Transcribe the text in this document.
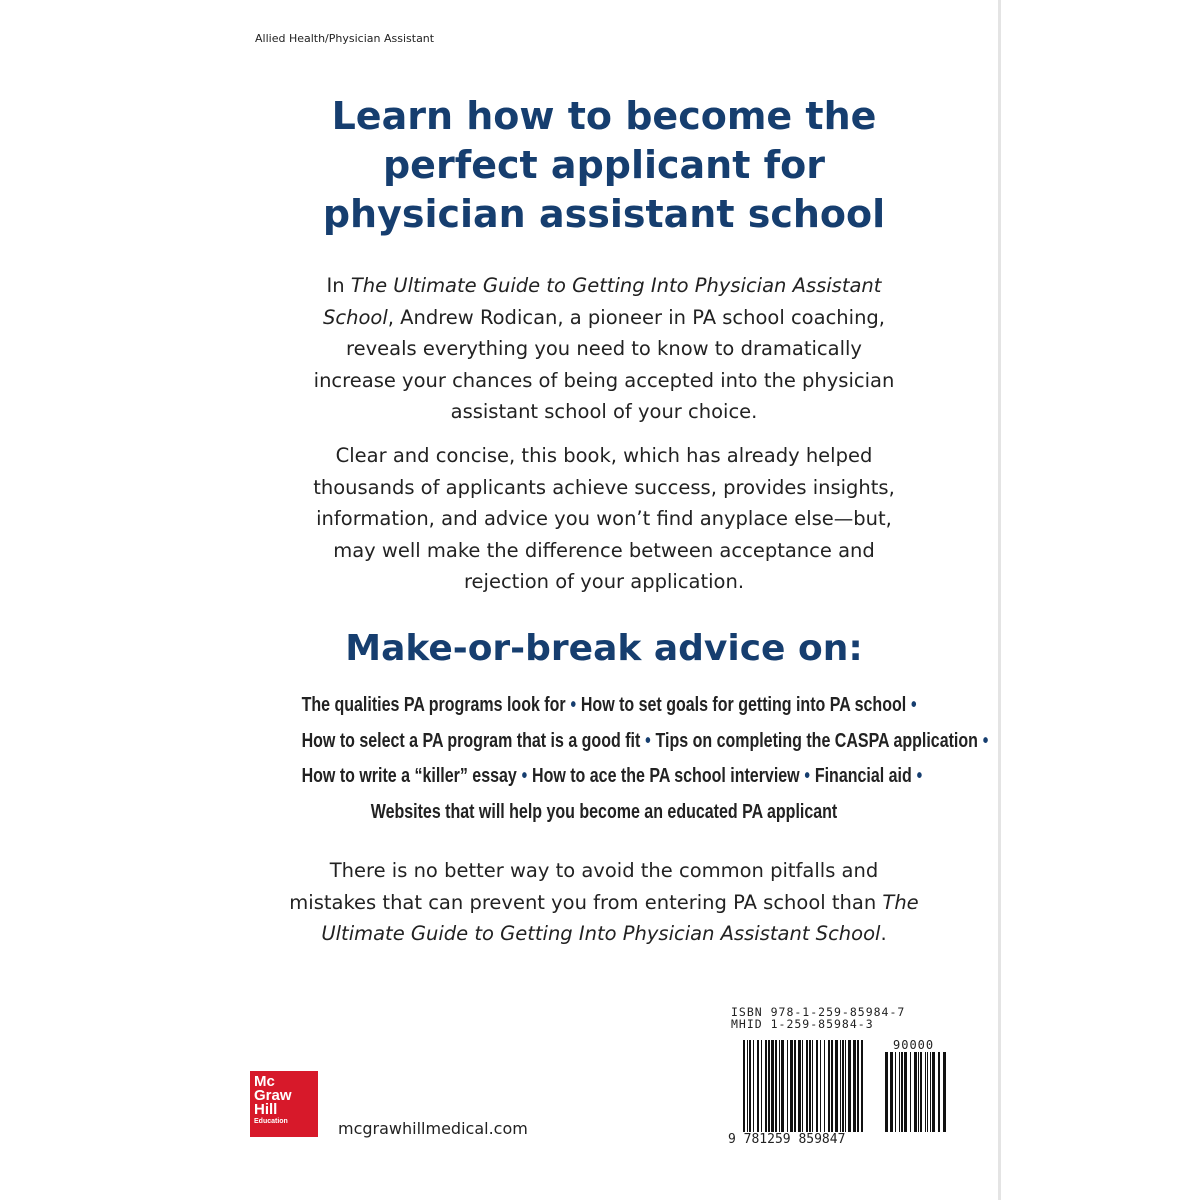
Allied Health/Physician Assistant
Learn how to become the
perfect applicant for
physician assistant school
In The Ultimate Guide to Getting Into Physician Assistant School, Andrew Rodican, a pioneer in PA school coaching, reveals everything you need to know to dramatically increase your chances of being accepted into the physician assistant school of your choice.
Clear and concise, this book, which has already helped thousands of applicants achieve success, provides insights, information, and advice you won’t find anyplace else—but, may well make the difference between acceptance and rejection of your application.
Make-or-break advice on:
The qualities PA programs look for • How to set goals for getting into PA school •
How to select a PA program that is a good fit • Tips on completing the CASPA application •
How to write a “killer” essay • How to ace the PA school interview • Financial aid •
Websites that will help you become an educated PA applicant
There is no better way to avoid the common pitfalls and mistakes that can prevent you from entering PA school than The Ultimate Guide to Getting Into Physician Assistant School.
Mc
Graw
Hill
Education	mcgrawhillmedical.com
ISBN 978-1-259-85984-7
MHID 1-259-85984-3
90000
9 781259 859847
